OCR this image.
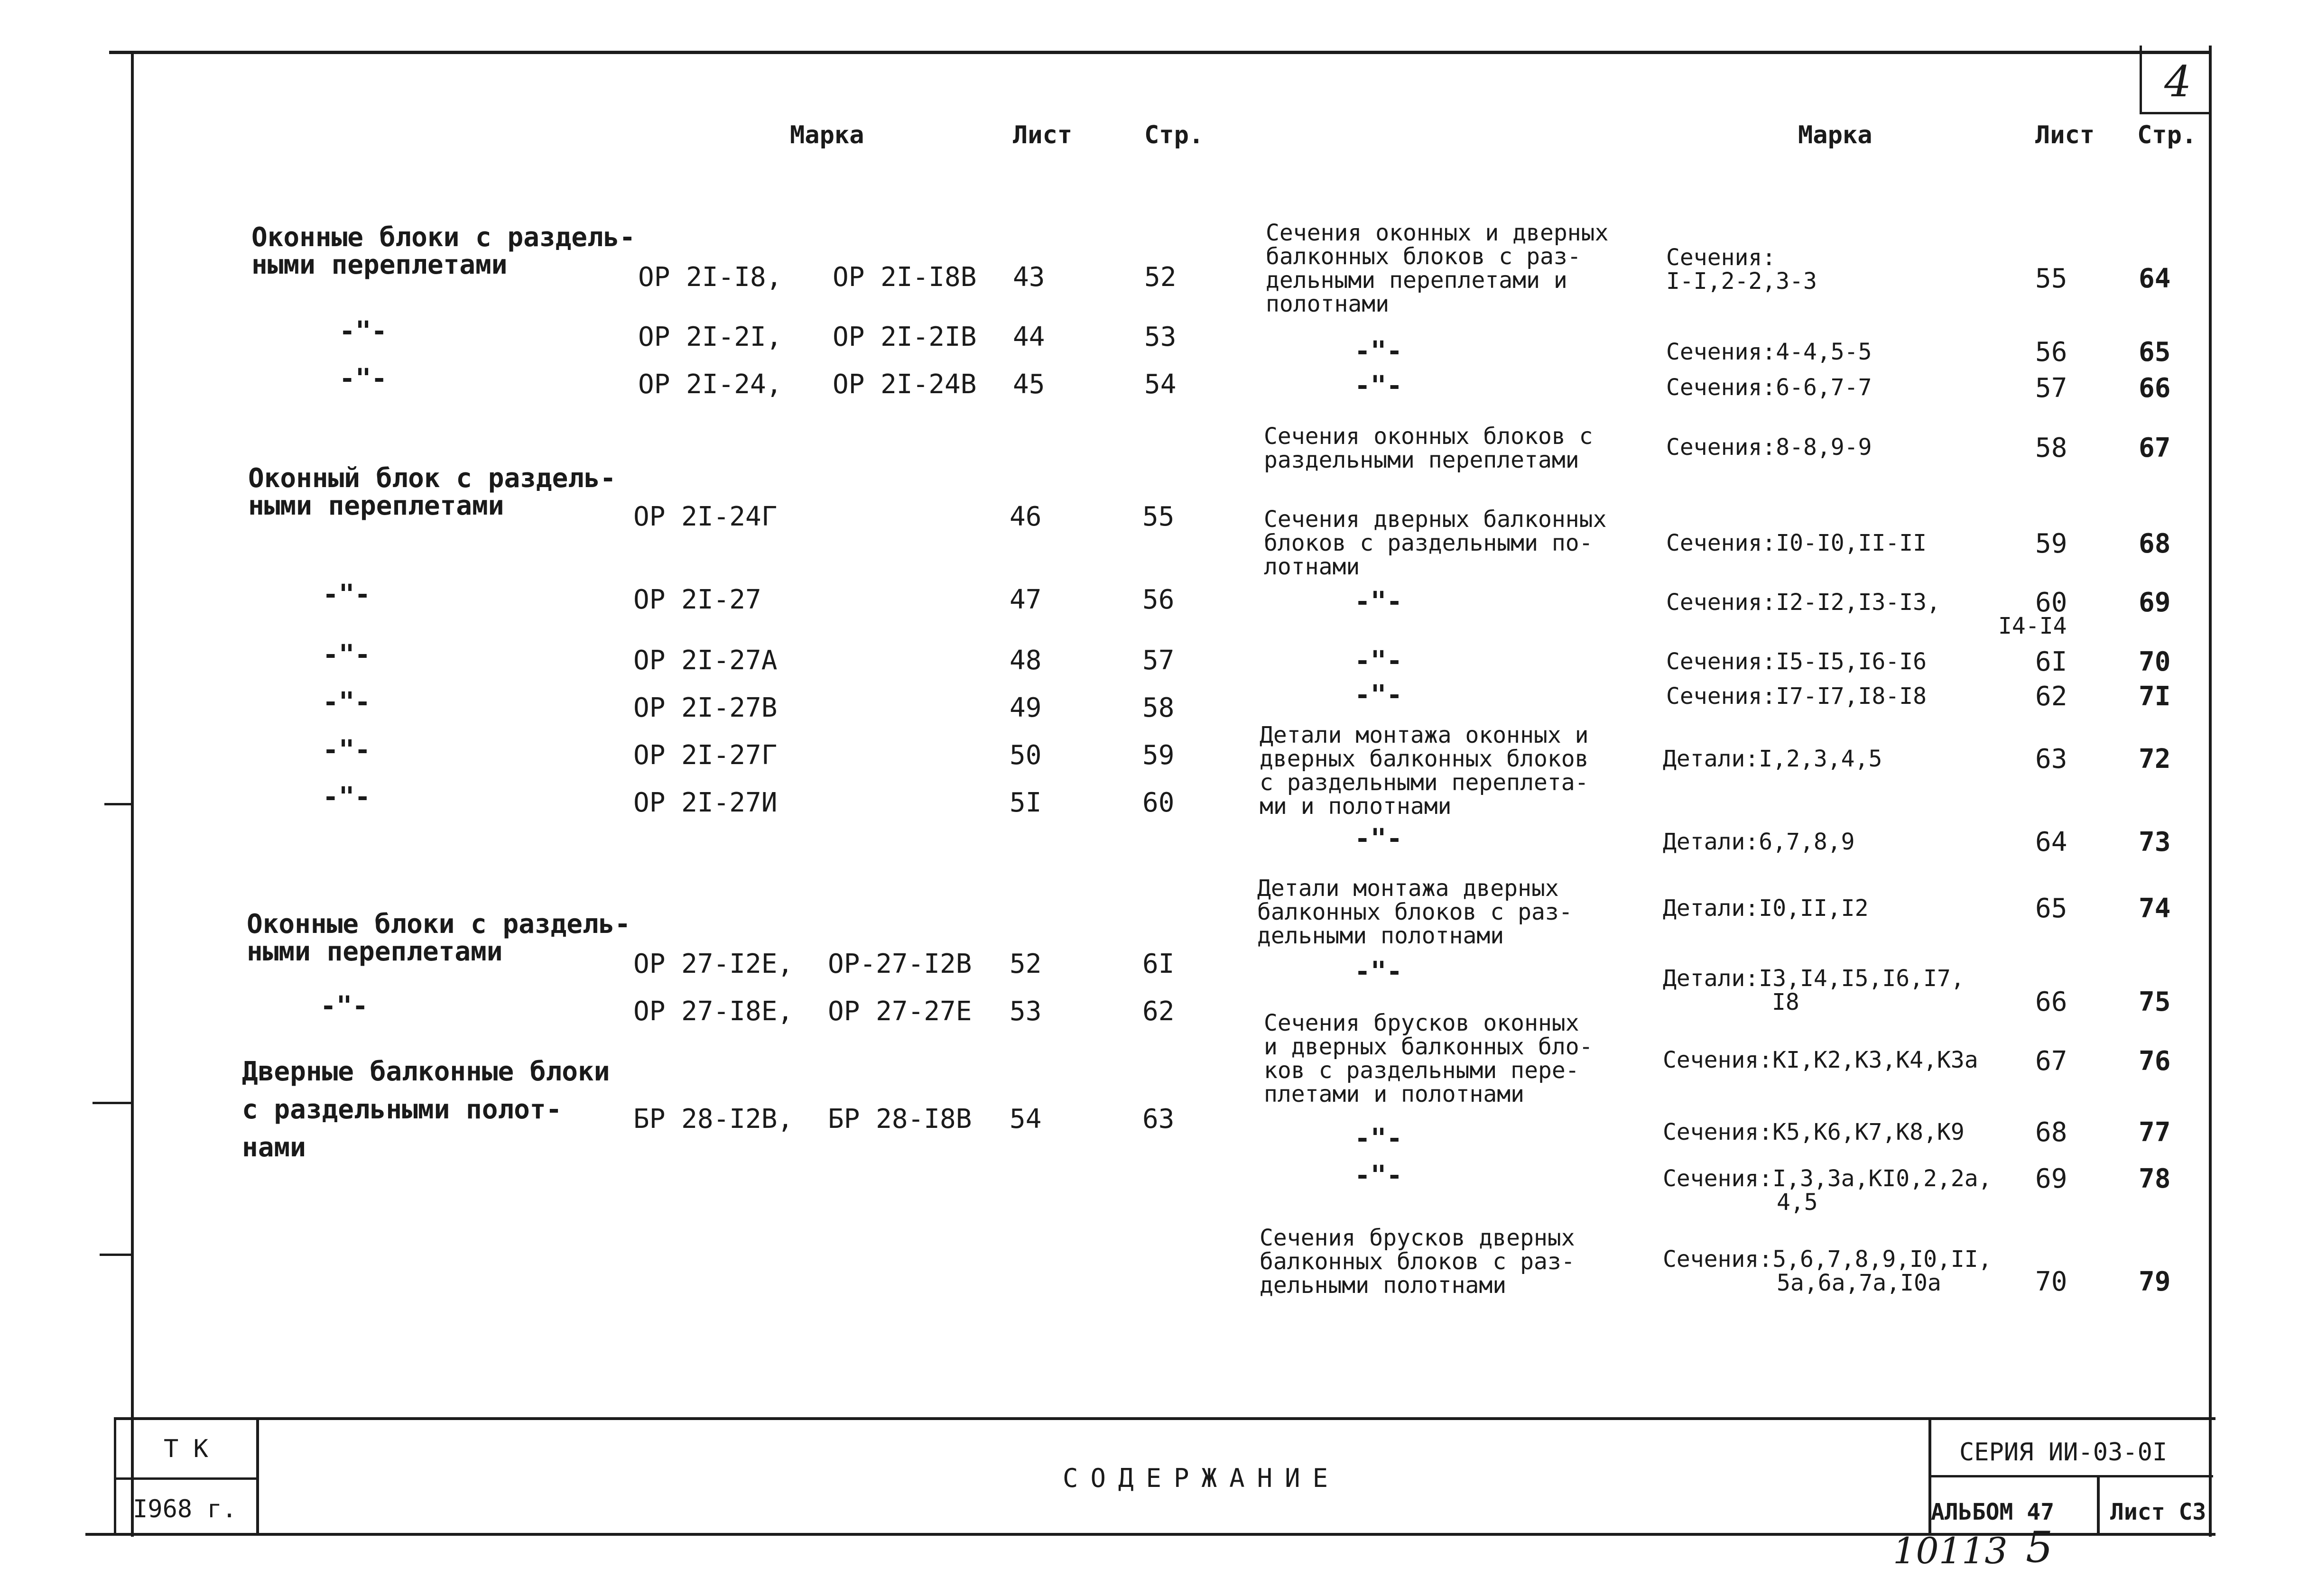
4
Марка	Лист	Стр.	Марка	Лист Стр.
Оконные блоки с раздель-
ными переплетами	ОР 2I-I8, ОР 2I-I8В 43	52
-"-	ОР 2I-2I, ОР 2I-2IВ 44	53
-"-	ОР 2I-24, ОР 2I-24В 45	54
Оконный блок с раздель-
ными переплетами	ОР 2I-24Г	46	55
-"-	ОР 2I-27	47	56
-"-	ОР 2I-27А	48	57
-"-	ОР 2I-27В	49	58
-"-	ОР 2I-27Г	50	59
-"-	ОР 2I-27И	5I	60
Оконные блоки с раздель-
ными переплетами	ОР 27-I2Е, ОР-27-I2В 52	6I
-"-	ОР 27-I8Е, ОР 27-27Е 53	62
Дверные балконные блоки
с раздельными полот-
нами
БР 28-I2В, БР 28-I8В 54	63
Сечения оконных и дверных
балконных блоков с раз-
дельными переплетами и
полотнами
Сечения:
I-I,2-2,3-3	55	64
-"-	Сечения:4-4,5-5	56	65
-"-	Сечения:6-6,7-7	57	66
Сечения оконных блоков с
раздельными переплетами	Сечения:8-8,9-9	58	67
Сечения дверных балконных
блоков с раздельными по-
лотнами
Сечения:I0-I0,II-II	59	68
-"-	Сечения:I2-I2,I3-I3,
I4-I4
60	69
-"-	Сечения:I5-I5,I6-I6	6I	70
-"-	Сечения:I7-I7,I8-I8	62	7I
Детали монтажа оконных и
дверных балконных блоков
с раздельными переплета-
ми и полотнами
Детали:I,2,3,4,5	63	72
-"-	Детали:6,7,8,9	64	73
Детали монтажа дверных
балконных блоков с раз-
дельными полотнами
Детали:I0,II,I2	65	74
-"-	Детали:I3,I4,I5,I6,I7,
I8	66	75
Сечения брусков оконных
и дверных балконных бло-
ков с раздельными пере-
плетами и полотнами
Сечения:КI,К2,К3,К4,К3а 67	76
-"-	Сечения:К5,К6,К7,К8,К9	68	77
-"-	Сечения:I,3,3а,КI0,2,2а,
4,5
69	78
Сечения брусков дверных
балконных блоков с раз-
дельными полотнами
Сечения:5,6,7,8,9,I0,II,
5а,6а,7а,I0а	70	79
Т К
I968 г.
СОДЕРЖАНИЕ
СЕРИЯ ИИ-03-0I
АЛЬБОМ 47 Лист С3
10113 5
